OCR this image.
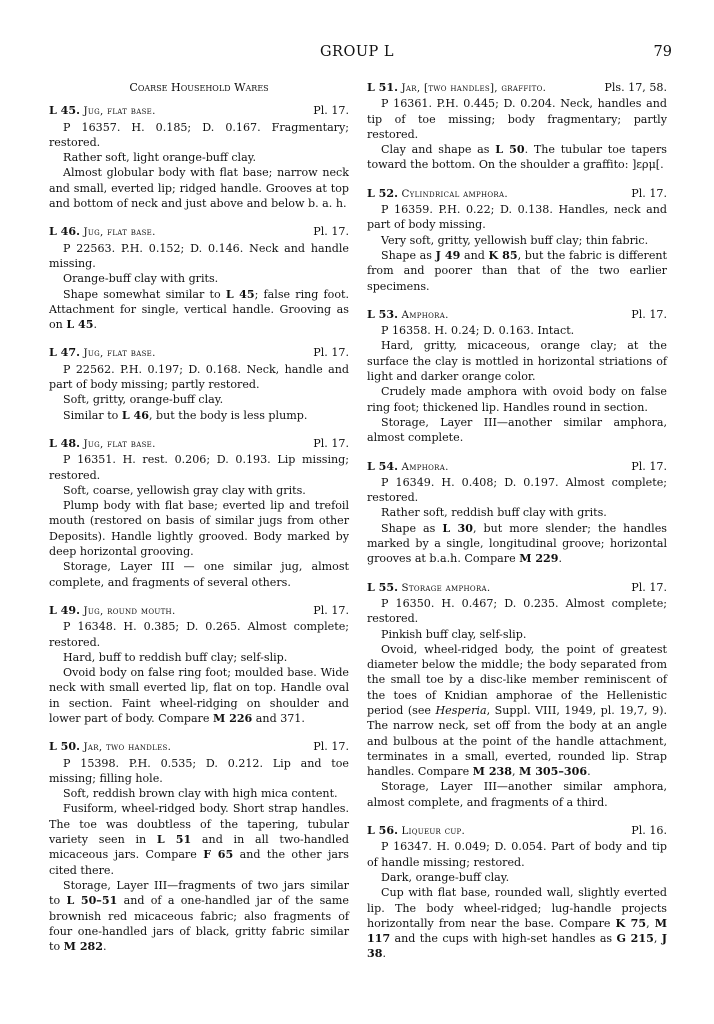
GROUP L	79
Coarse Household Wares
L 45. Jug, flat base.	Pl. 17.

P 16357. H. 0.185; D. 0.167. Fragmentary; restored.

Rather soft, light orange-buff clay.

Almost globular body with flat base; narrow neck and small, everted lip; ridged handle. Grooves at top and bottom of neck and just above and below b. a. h.

L 46. Jug, flat base.	Pl. 17.

P 22563. P.H. 0.152; D. 0.146. Neck and handle missing.

Orange-buff clay with grits.

Shape somewhat similar to L 45; false ring foot. Attachment for single, vertical handle. Grooving as on L 45.

L 47. Jug, flat base.	Pl. 17.

P 22562. P.H. 0.197; D. 0.168. Neck, handle and part of body missing; partly restored.

Soft, gritty, orange-buff clay.

Similar to L 46, but the body is less plump.

L 48. Jug, flat base.	Pl. 17.

P 16351. H. rest. 0.206; D. 0.193. Lip missing; restored.

Soft, coarse, yellowish gray clay with grits.

Plump body with flat base; everted lip and trefoil mouth (restored on basis of similar jugs from other Deposits). Handle lightly grooved. Body marked by deep horizontal grooving.

Storage, Layer III — one similar jug, almost complete, and fragments of several others.

L 49. Jug, round mouth.	Pl. 17.

P 16348. H. 0.385; D. 0.265. Almost complete; restored.

Hard, buff to reddish buff clay; self-slip.

Ovoid body on false ring foot; moulded base. Wide neck with small everted lip, flat on top. Handle oval in section. Faint wheel-ridging on shoulder and lower part of body. Compare M 226 and 371.

L 50. Jar, two handles.	Pl. 17.

P 15398. P.H. 0.535; D. 0.212. Lip and toe missing; filling hole.

Soft, reddish brown clay with high mica content.

Fusiform, wheel-ridged body. Short strap handles. The toe was doubtless of the tapering, tubular variety seen in L 51 and in all two-handled micaceous jars. Compare F 65 and the other jars cited there.

Storage, Layer III—fragments of two jars similar to L 50–51 and of a one-handled jar of the same brownish red micaceous fabric; also fragments of four one-handled jars of black, gritty fabric similar to M 282.

L 51. Jar, [two handles], graffito.	Pls. 17, 58.

P 16361. P.H. 0.445; D. 0.204. Neck, handles and tip of toe missing; body fragmentary; partly restored.

Clay and shape as L 50. The tubular toe tapers toward the bottom. On the shoulder a graffito: ]ερμ[.

L 52. Cylindrical amphora.	Pl. 17.

P 16359. P.H. 0.22; D. 0.138. Handles, neck and part of body missing.

Very soft, gritty, yellowish buff clay; thin fabric.

Shape as J 49 and K 85, but the fabric is different from and poorer than that of the two earlier specimens.

L 53. Amphora.	Pl. 17.

P 16358. H. 0.24; D. 0.163. Intact.

Hard, gritty, micaceous, orange clay; at the surface the clay is mottled in horizontal striations of light and darker orange color.

Crudely made amphora with ovoid body on false ring foot; thickened lip. Handles round in section.

Storage, Layer III—another similar amphora, almost complete.

L 54. Amphora.	Pl. 17.

P 16349. H. 0.408; D. 0.197. Almost complete; restored.

Rather soft, reddish buff clay with grits.

Shape as L 30, but more slender; the handles marked by a single, longitudinal groove; horizontal grooves at b.a.h. Compare M 229.

L 55. Storage amphora.	Pl. 17.

P 16350. H. 0.467; D. 0.235. Almost complete; restored.

Pinkish buff clay, self-slip.

Ovoid, wheel-ridged body, the point of greatest diameter below the middle; the body separated from the small toe by a disc-like member reminiscent of the toes of Knidian amphorae of the Hellenistic period (see Hesperia, Suppl. VIII, 1949, pl. 19,7, 9). The narrow neck, set off from the body at an angle and bulbous at the point of the handle attachment, terminates in a small, everted, rounded lip. Strap handles. Compare M 238, M 305–306.

Storage, Layer III—another similar amphora, almost complete, and fragments of a third.

L 56. Liqueur cup.	Pl. 16.

P 16347. H. 0.049; D. 0.054. Part of body and tip of handle missing; restored.

Dark, orange-buff clay.

Cup with flat base, rounded wall, slightly everted lip. The body wheel-ridged; lug-handle projects horizontally from near the base. Compare K 75, M 117 and the cups with high-set handles as G 215, J 38.
